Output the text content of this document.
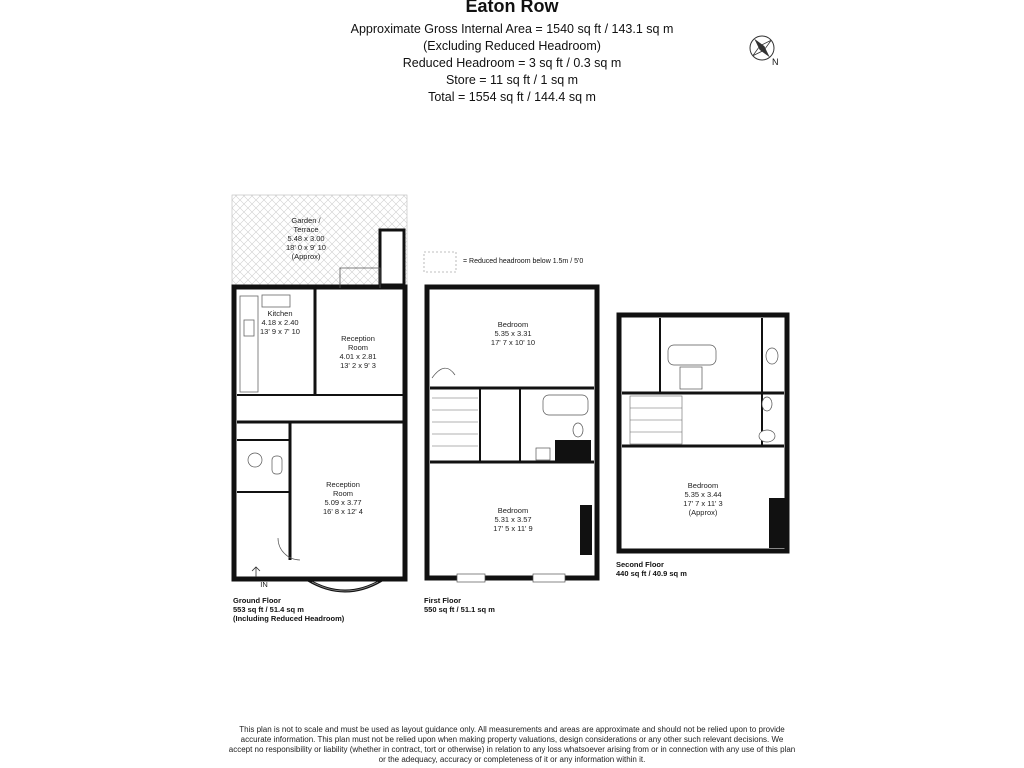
Eaton Row
Approximate Gross Internal Area = 1540 sq ft / 143.1 sq m
(Excluding Reduced Headroom)
Reduced Headroom = 3 sq ft / 0.3 sq m
Store = 11 sq ft / 1 sq m
Total = 1554 sq ft / 144.4 sq m
N
Garden /
Terrace
5.48 x 3.00
18' 0 x 9' 10
(Approx)
Kitchen
4.18 x 2.40
13' 9 x 7' 10
Reception
Room
4.01 x 2.81
13' 2 x 9' 3
Reception
Room
5.09 x 3.77
16' 8 x 12' 4
IN
Ground Floor
553 sq ft / 51.4 sq m
(Including Reduced Headroom)
Bedroom
5.35 x 3.31
17' 7 x 10' 10
Bedroom
5.31 x 3.57
17' 5 x 11' 9
First Floor
550 sq ft / 51.1 sq m
Bedroom
5.35 x 3.44
17' 7 x 11' 3
(Approx)
Second Floor
440 sq ft / 40.9 sq m
= Reduced headroom below 1.5m / 5'0
This plan is not to scale and must be used as layout guidance only. All measurements and areas are approximate and should not be relied upon to provide accurate information. This plan must not be relied upon when making property valuations, design considerations or any other such relevant decisions. We accept no responsibility or liability (whether in contract, tort or otherwise) in relation to any loss whatsoever arising from or in connection with any use of this plan or the adequacy, accuracy or completeness of it or any information within it.
